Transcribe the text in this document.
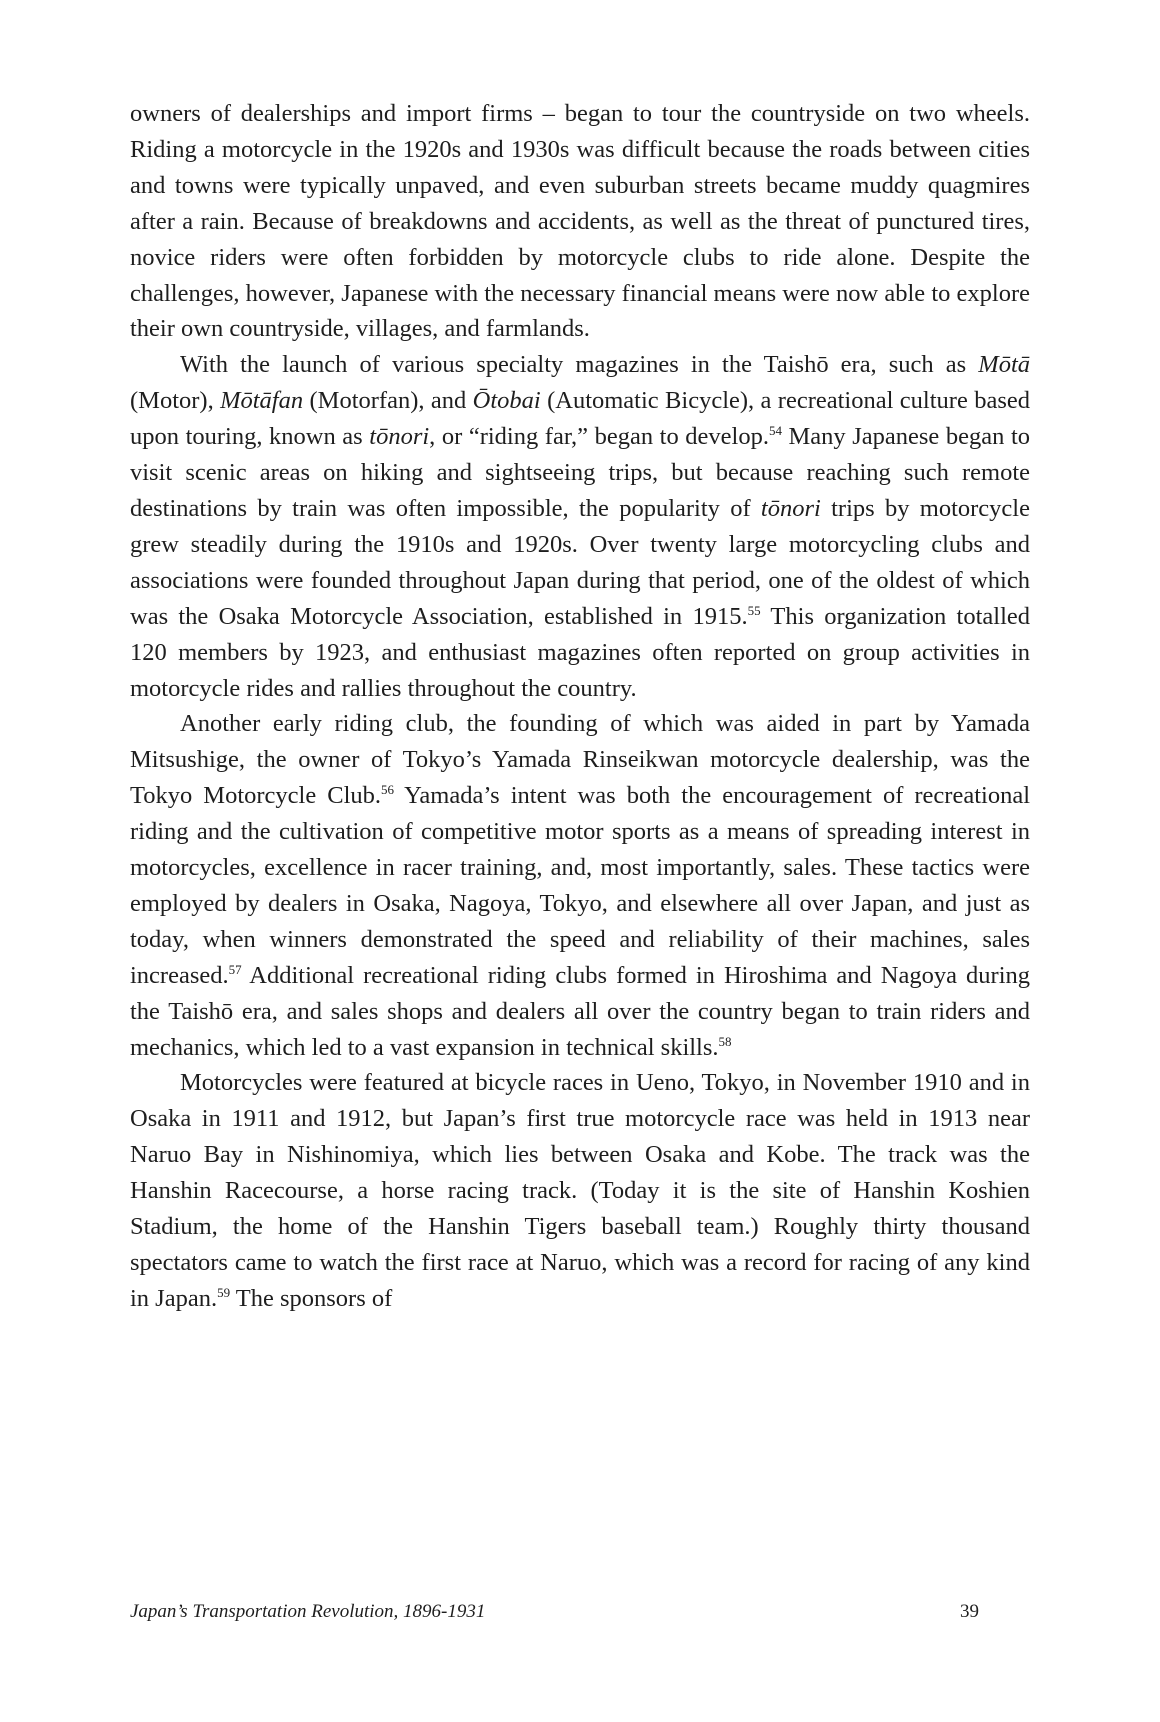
owners of dealerships and import firms – began to tour the countryside on two wheels. Riding a motorcycle in the 1920s and 1930s was difficult because the roads between cities and towns were typically unpaved, and even suburban streets became muddy quagmires after a rain. Because of breakdowns and accidents, as well as the threat of punctured tires, novice riders were often forbidden by motorcycle clubs to ride alone. Despite the challenges, however, Japanese with the necessary financial means were now able to explore their own countryside, villages, and farmlands.

With the launch of various specialty magazines in the Taishō era, such as Mōtā (Motor), Mōtāfan (Motorfan), and Ōtobai (Automatic Bicycle), a recreational culture based upon touring, known as tōnori, or “riding far,” began to develop.$^{54}$ Many Japanese began to visit scenic areas on hiking and sightseeing trips, but because reaching such remote destinations by train was often impossible, the popularity of tōnori trips by motorcycle grew steadily during the 1910s and 1920s. Over twenty large motorcycling clubs and associations were founded throughout Japan during that period, one of the oldest of which was the Osaka Motorcycle Association, established in 1915.55 This organization totalled 120 members by 1923, and enthusiast magazines often reported on group activities in motorcycle rides and rallies throughout the country.

Another early riding club, the founding of which was aided in part by Yamada Mitsushige, the owner of Tokyo’s Yamada Rinseikwan motorcycle dealership, was the Tokyo Motorcycle Club.$^{56}$ Yamada’s intent was both the encouragement of recreational riding and the cultivation of competitive motor sports as a means of spreading interest in motorcycles, excellence in racer training, and, most importantly, sales. These tactics were employed by dealers in Osaka, Nagoya, Tokyo, and elsewhere all over Japan, and just as today, when winners demonstrated the speed and reliability of their machines, sales increased.$^{57}$ Additional recreational riding clubs formed in Hiroshima and Nagoya during the Taishō era, and sales shops and dealers all over the country began to train riders and mechanics, which led to a vast expansion in technical skills.$^{58}$

Motorcycles were featured at bicycle races in Ueno, Tokyo, in November 1910 and in Osaka in 1911 and 1912, but Japan’s first true motorcycle race was held in 1913 near Naruo Bay in Nishinomiya, which lies between Osaka and Kobe. The track was the Hanshin Racecourse, a horse racing track. (Today it is the site of Hanshin Koshien Stadium, the home of the Hanshin Tigers baseball team.) Roughly thirty thousand spectators came to watch the first race at Naruo, which was a record for racing of any kind in Japan.$^{59}$ The sponsors of

Japan’s Transportation Revolution, 1896-1931	39
